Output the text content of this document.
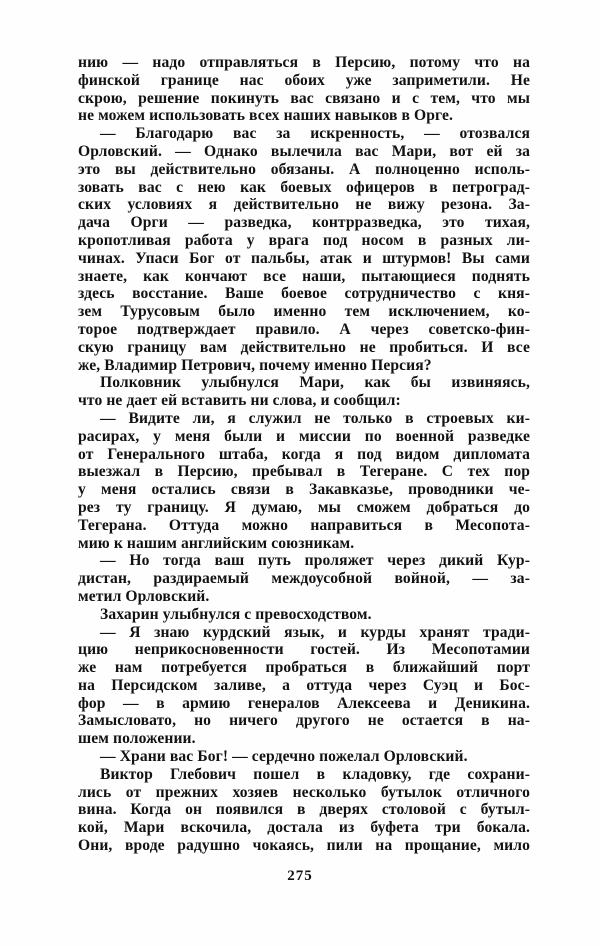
нию — надо отправляться в Персию, потому что на
финской границе нас обоих уже заприметили. Не
скрою, решение покинуть вас связано и с тем, что мы
не можем использовать всех наших навыков в Орге.
— Благодарю вас за искренность, — отозвался
Орловский. — Однако вылечила вас Мари, вот ей за
это вы действительно обязаны. А полноценно исполь-
зовать вас с нею как боевых офицеров в петроград-
ских условиях я действительно не вижу резона. За-
дача Орги — разведка, контрразведка, это тихая,
кропотливая работа у врага под носом в разных ли-
чинах. Упаси Бог от пальбы, атак и штурмов! Вы сами
знаете, как кончают все наши, пытающиеся поднять
здесь восстание. Ваше боевое сотрудничество с кня-
зем Турусовым было именно тем исключением, ко-
торое подтверждает правило. А через советско-фин-
скую границу вам действительно не пробиться. И все
же, Владимир Петрович, почему именно Персия?
Полковник улыбнулся Мари, как бы извиняясь,
что не дает ей вставить ни слова, и сообщил:
— Видите ли, я служил не только в строевых ки-
расирах, у меня были и миссии по военной разведке
от Генерального штаба, когда я под видом дипломата
выезжал в Персию, пребывал в Тегеране. С тех пор
у меня остались связи в Закавказье, проводники че-
рез ту границу. Я думаю, мы сможем добраться до
Тегерана. Оттуда можно направиться в Месопота-
мию к нашим английским союзникам.
— Но тогда ваш путь проляжет через дикий Кур-
дистан, раздираемый междоусобной войной, — за-
метил Орловский.
Захарин улыбнулся с превосходством.
— Я знаю курдский язык, и курды хранят тради-
цию неприкосновенности гостей. Из Месопотамии
же нам потребуется пробраться в ближайший порт
на Персидском заливе, а оттуда через Суэц и Бос-
фор — в армию генералов Алексеева и Деникина.
Замысловато, но ничего другого не остается в на-
шем положении.
— Храни вас Бог! — сердечно пожелал Орловский.
Виктор Глебович пошел в кладовку, где сохрани-
лись от прежних хозяев несколько бутылок отличного
вина. Когда он появился в дверях столовой с бутыл-
кой, Мари вскочила, достала из буфета три бокала.
Они, вроде радушно чокаясь, пили на прощание, мило
275
